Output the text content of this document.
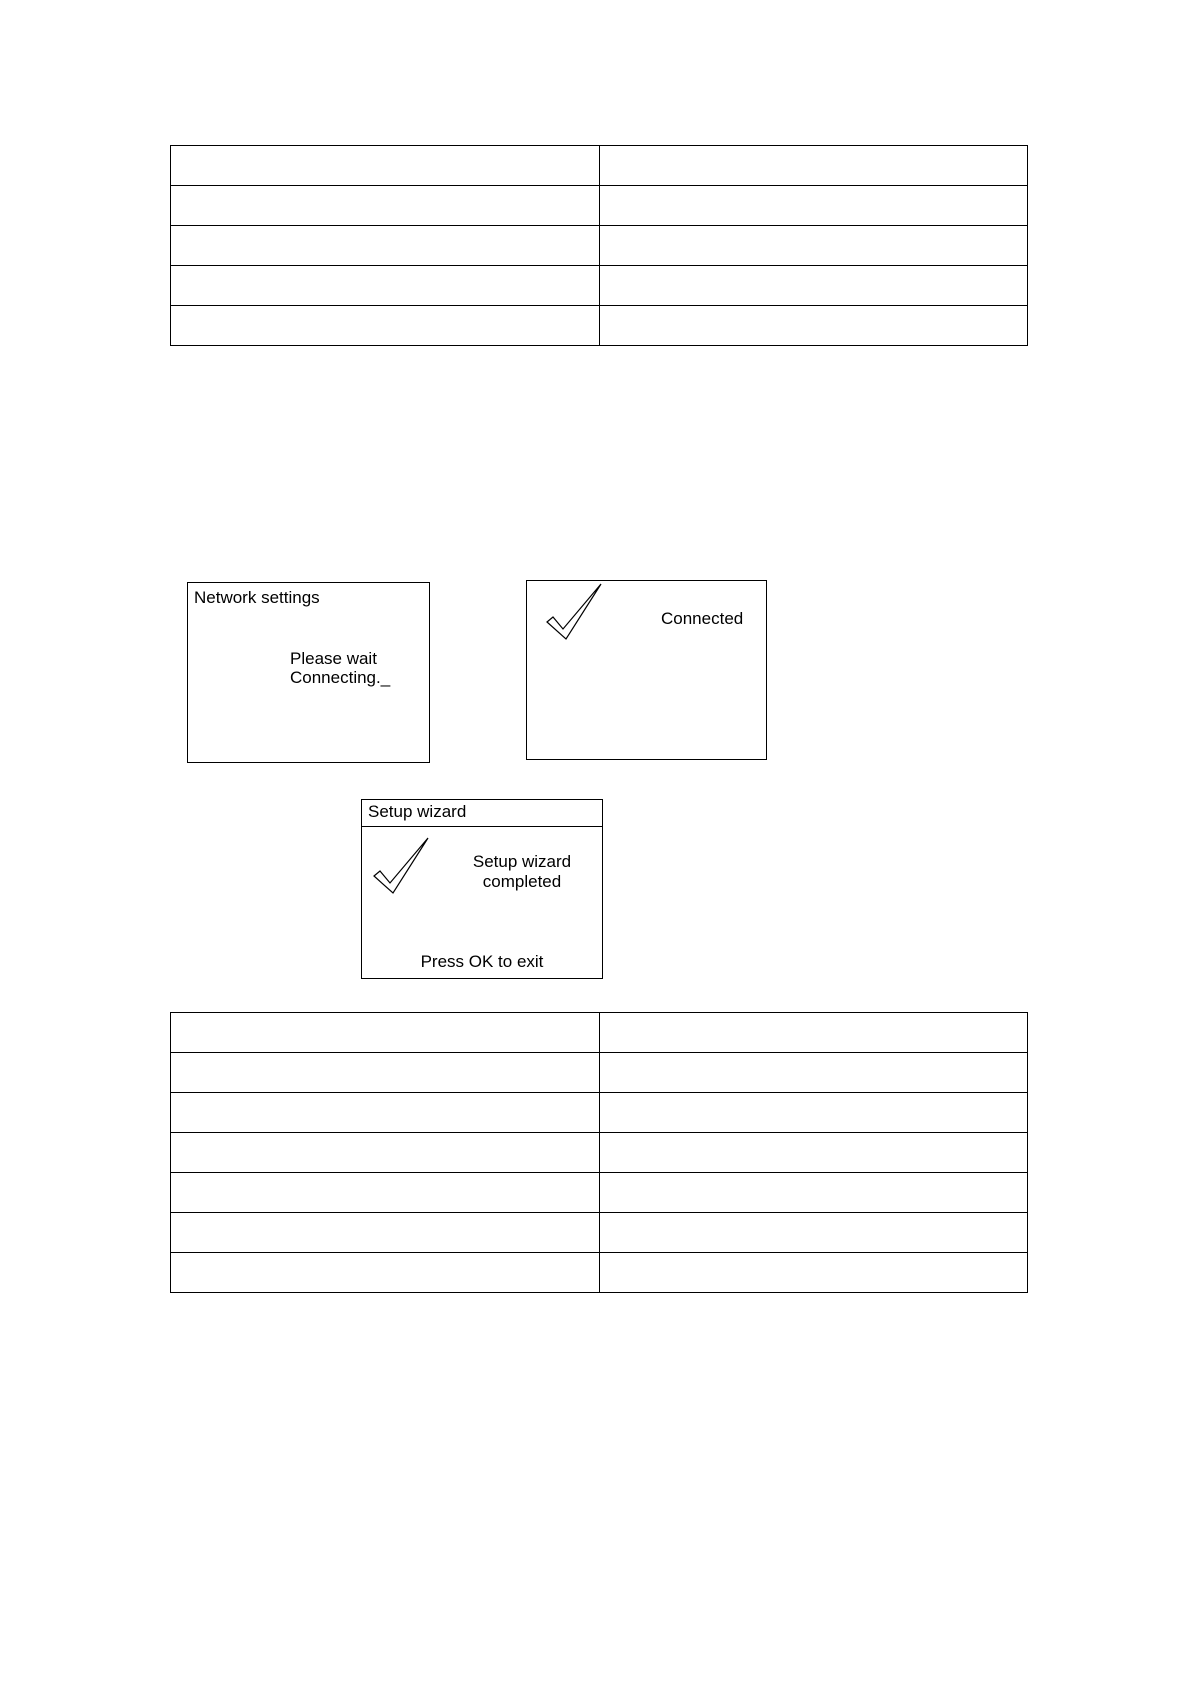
Network settings
Please wait
Connecting._
Connected
Setup wizard
Setup wizard
completed
Press OK to exit
